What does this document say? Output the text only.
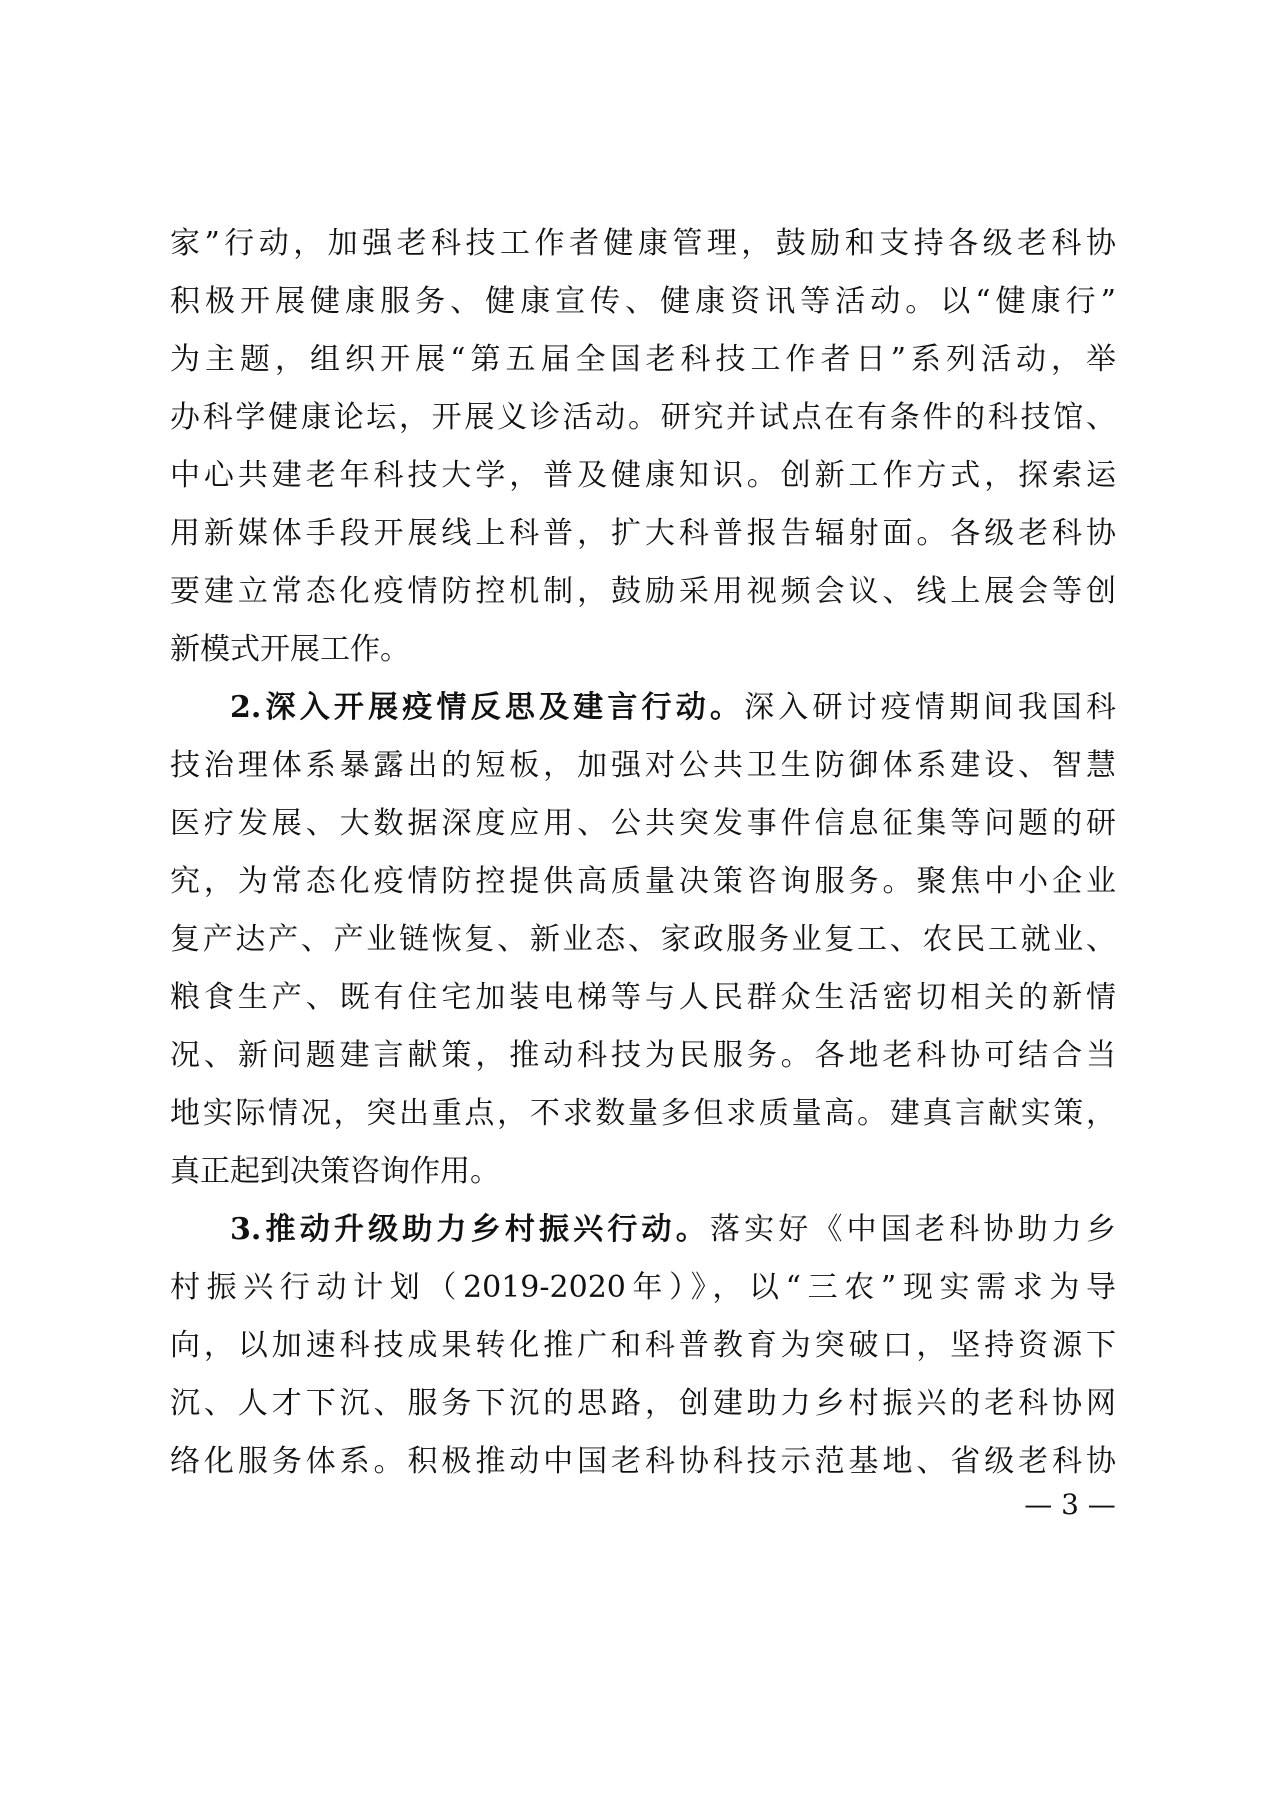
家”行动，加强老科技工作者健康管理，鼓励和支持各级老科协
积极开展健康服务、健康宣传、健康资讯等活动。以“健康行”
为主题，组织开展“第五届全国老科技工作者日”系列活动，举
办科学健康论坛，开展义诊活动。研究并试点在有条件的科技馆、
中心共建老年科技大学，普及健康知识。创新工作方式，探索运
用新媒体手段开展线上科普，扩大科普报告辐射面。各级老科协
要建立常态化疫情防控机制，鼓励采用视频会议、线上展会等创
新模式开展工作。
2.深入开展疫情反思及建言行动。深入研讨疫情期间我国科
技治理体系暴露出的短板，加强对公共卫生防御体系建设、智慧
医疗发展、大数据深度应用、公共突发事件信息征集等问题的研
究，为常态化疫情防控提供高质量决策咨询服务。聚焦中小企业
复产达产、产业链恢复、新业态、家政服务业复工、农民工就业、
粮食生产、既有住宅加装电梯等与人民群众生活密切相关的新情
况、新问题建言献策，推动科技为民服务。各地老科协可结合当
地实际情况，突出重点，不求数量多但求质量高。建真言献实策，
真正起到决策咨询作用。
3.推动升级助力乡村振兴行动。落实好《中国老科协助力乡
村振兴行动计划（2019-2020年）》，以“三农”现实需求为导
向，以加速科技成果转化推广和科普教育为突破口，坚持资源下
沉、人才下沉、服务下沉的思路，创建助力乡村振兴的老科协网
络化服务体系。积极推动中国老科协科技示范基地、省级老科协
— 3 —
